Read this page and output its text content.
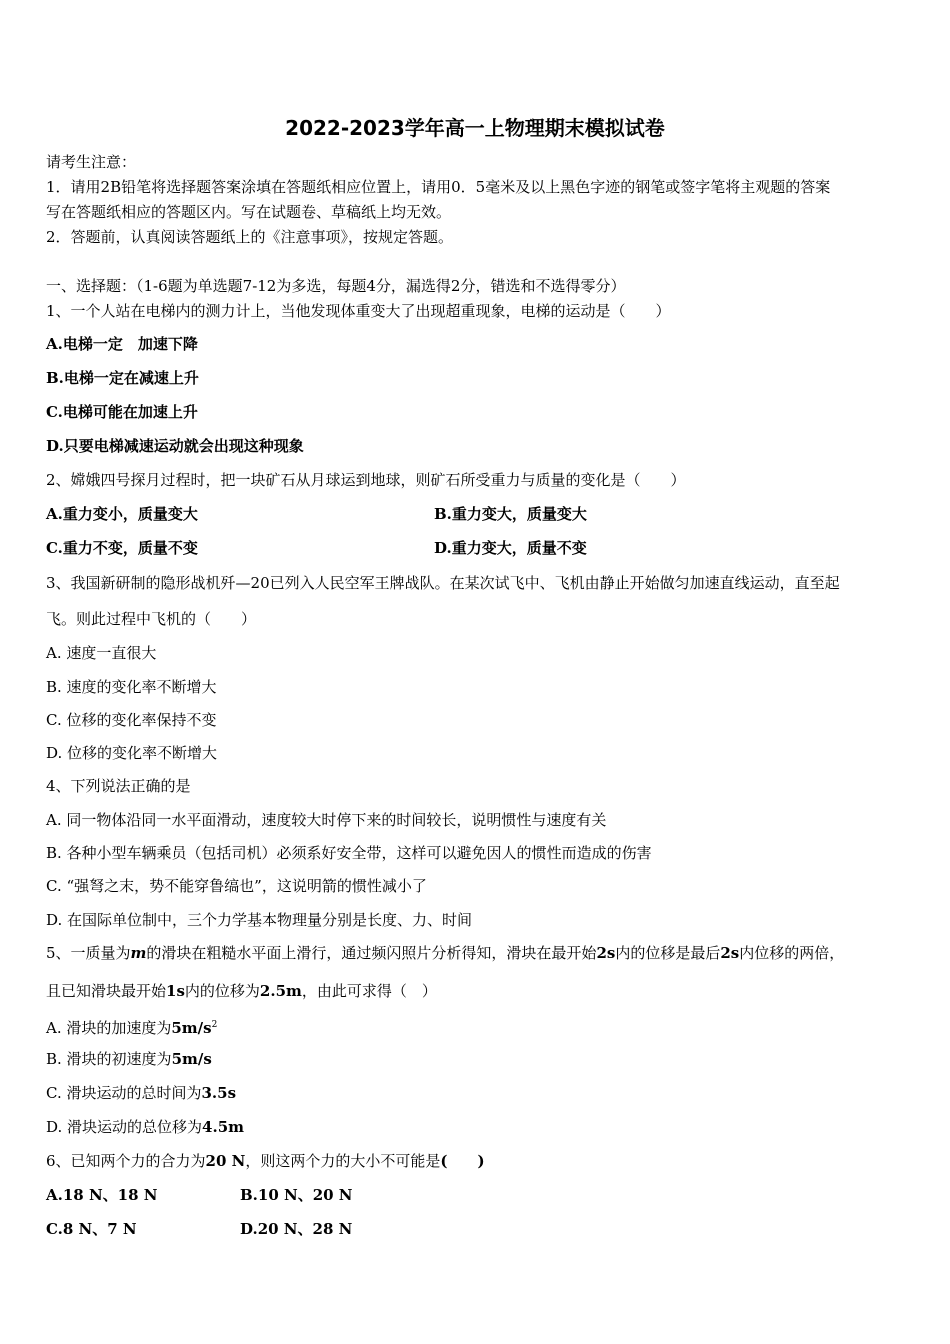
2022-2023学年高一上物理期末模拟试卷
请考生注意：
1．请用2B铅笔将选择题答案涂填在答题纸相应位置上，请用0．5毫米及以上黑色字迹的钢笔或签字笔将主观题的答案
写在答题纸相应的答题区内。写在试题卷、草稿纸上均无效。
2．答题前，认真阅读答题纸上的《注意事项》，按规定答题。
一、选择题：（1-6题为单选题7-12为多选，每题4分，漏选得2分，错选和不选得零分）
1、一个人站在电梯内的测力计上，当他发现体重变大了出现超重现象，电梯的运动是（　　）
A.电梯一定　加速下降
B.电梯一定在减速上升
C.电梯可能在加速上升
D.只要电梯减速运动就会出现这种现象
2、嫦娥四号探月过程时，把一块矿石从月球运到地球，则矿石所受重力与质量的变化是（　　）
A.重力变小，质量变大	B.重力变大，质量变大
C.重力不变，质量不变	D.重力变大，质量不变
3、我国新研制的隐形战机歼—20已列入人民空军王牌战队。在某次试飞中、飞机由静止开始做匀加速直线运动，直至起
飞。则此过程中飞机的（　　）
A. 速度一直很大
B. 速度的变化率不断增大
C. 位移的变化率保持不变
D. 位移的变化率不断增大
4、下列说法正确的是
A. 同一物体沿同一水平面滑动，速度较大时停下来的时间较长，说明惯性与速度有关
B. 各种小型车辆乘员（包括司机）必须系好安全带，这样可以避免因人的惯性而造成的伤害
C. “强弩之末，势不能穿鲁缟也”，这说明箭的惯性减小了
D. 在国际单位制中，三个力学基本物理量分别是长度、力、时间
5、一质量为m的滑块在粗糙水平面上滑行，通过频闪照片分析得知，滑块在最开始2s内的位移是最后2s内位移的两倍，
且已知滑块最开始1s内的位移为2.5m，由此可求得（　）
A. 滑块的加速度为$5m/s^2$
B. 滑块的初速度为5m/s
C. 滑块运动的总时间为3.5s
D. 滑块运动的总位移为4.5m
6、已知两个力的合力为20 N，则这两个力的大小不可能是(　　)
A.18 N、18 N	B.10 N、20 N
C.8 N、7 N	D.20 N、28 N
